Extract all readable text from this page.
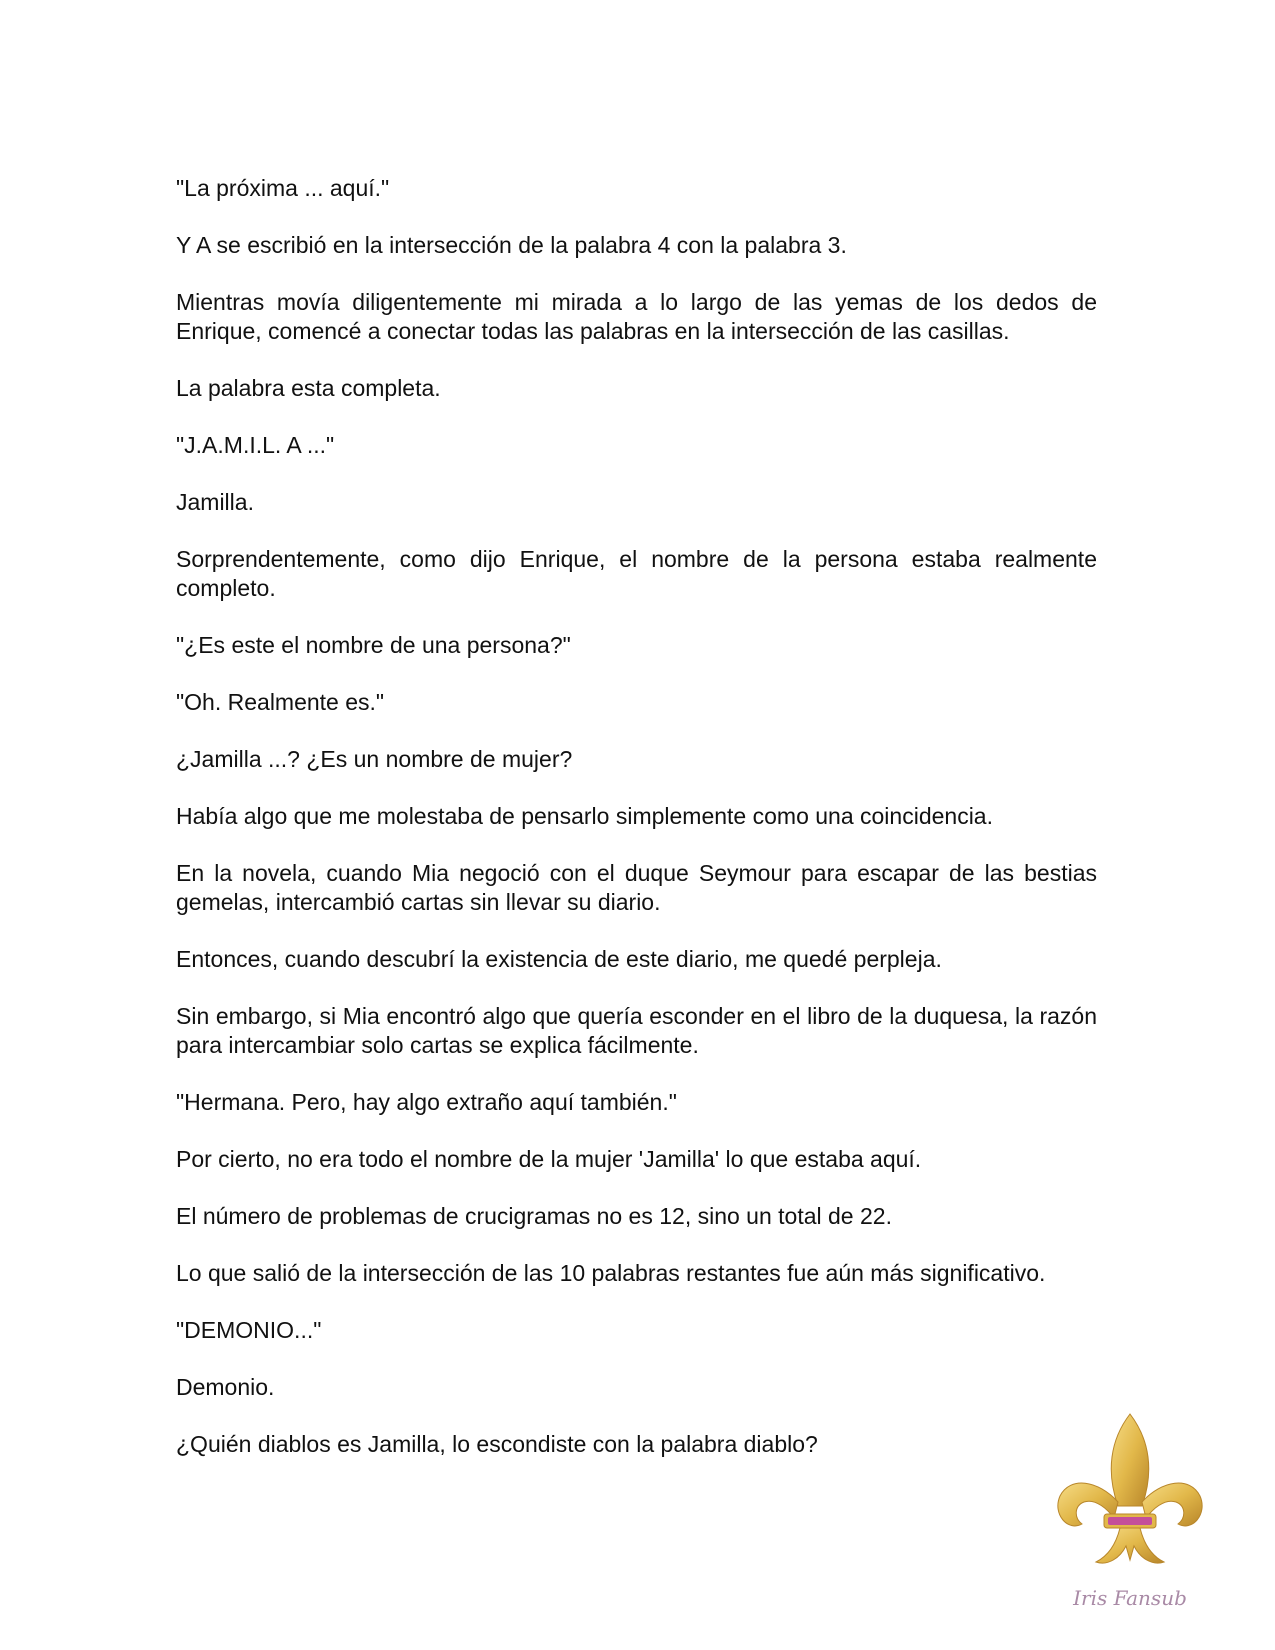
"La próxima ... aquí."

Y A se escribió en la intersección de la palabra 4 con la palabra 3.

Mientras movía diligentemente mi mirada a lo largo de las yemas de los dedos de Enrique, comencé a conectar todas las palabras en la intersección de las casillas.

La palabra esta completa.

"J.A.M.I.L. A ..."

Jamilla.

Sorprendentemente, como dijo Enrique, el nombre de la persona estaba realmente completo.

"¿Es este el nombre de una persona?"

"Oh. Realmente es."

¿Jamilla ...? ¿Es un nombre de mujer?

Había algo que me molestaba de pensarlo simplemente como una coincidencia.

En la novela, cuando Mia negoció con el duque Seymour para escapar de las bestias gemelas, intercambió cartas sin llevar su diario.

Entonces, cuando descubrí la existencia de este diario, me quedé perpleja.

Sin embargo, si Mia encontró algo que quería esconder en el libro de la duquesa, la razón para intercambiar solo cartas se explica fácilmente.

"Hermana. Pero, hay algo extraño aquí también."

Por cierto, no era todo el nombre de la mujer 'Jamilla' lo que estaba aquí.

El número de problemas de crucigramas no es 12, sino un total de 22.

Lo que salió de la intersección de las 10 palabras restantes fue aún más significativo.

"DEMONIO..."

Demonio.

¿Quién diablos es Jamilla, lo escondiste con la palabra diablo?

Iris Fansub
